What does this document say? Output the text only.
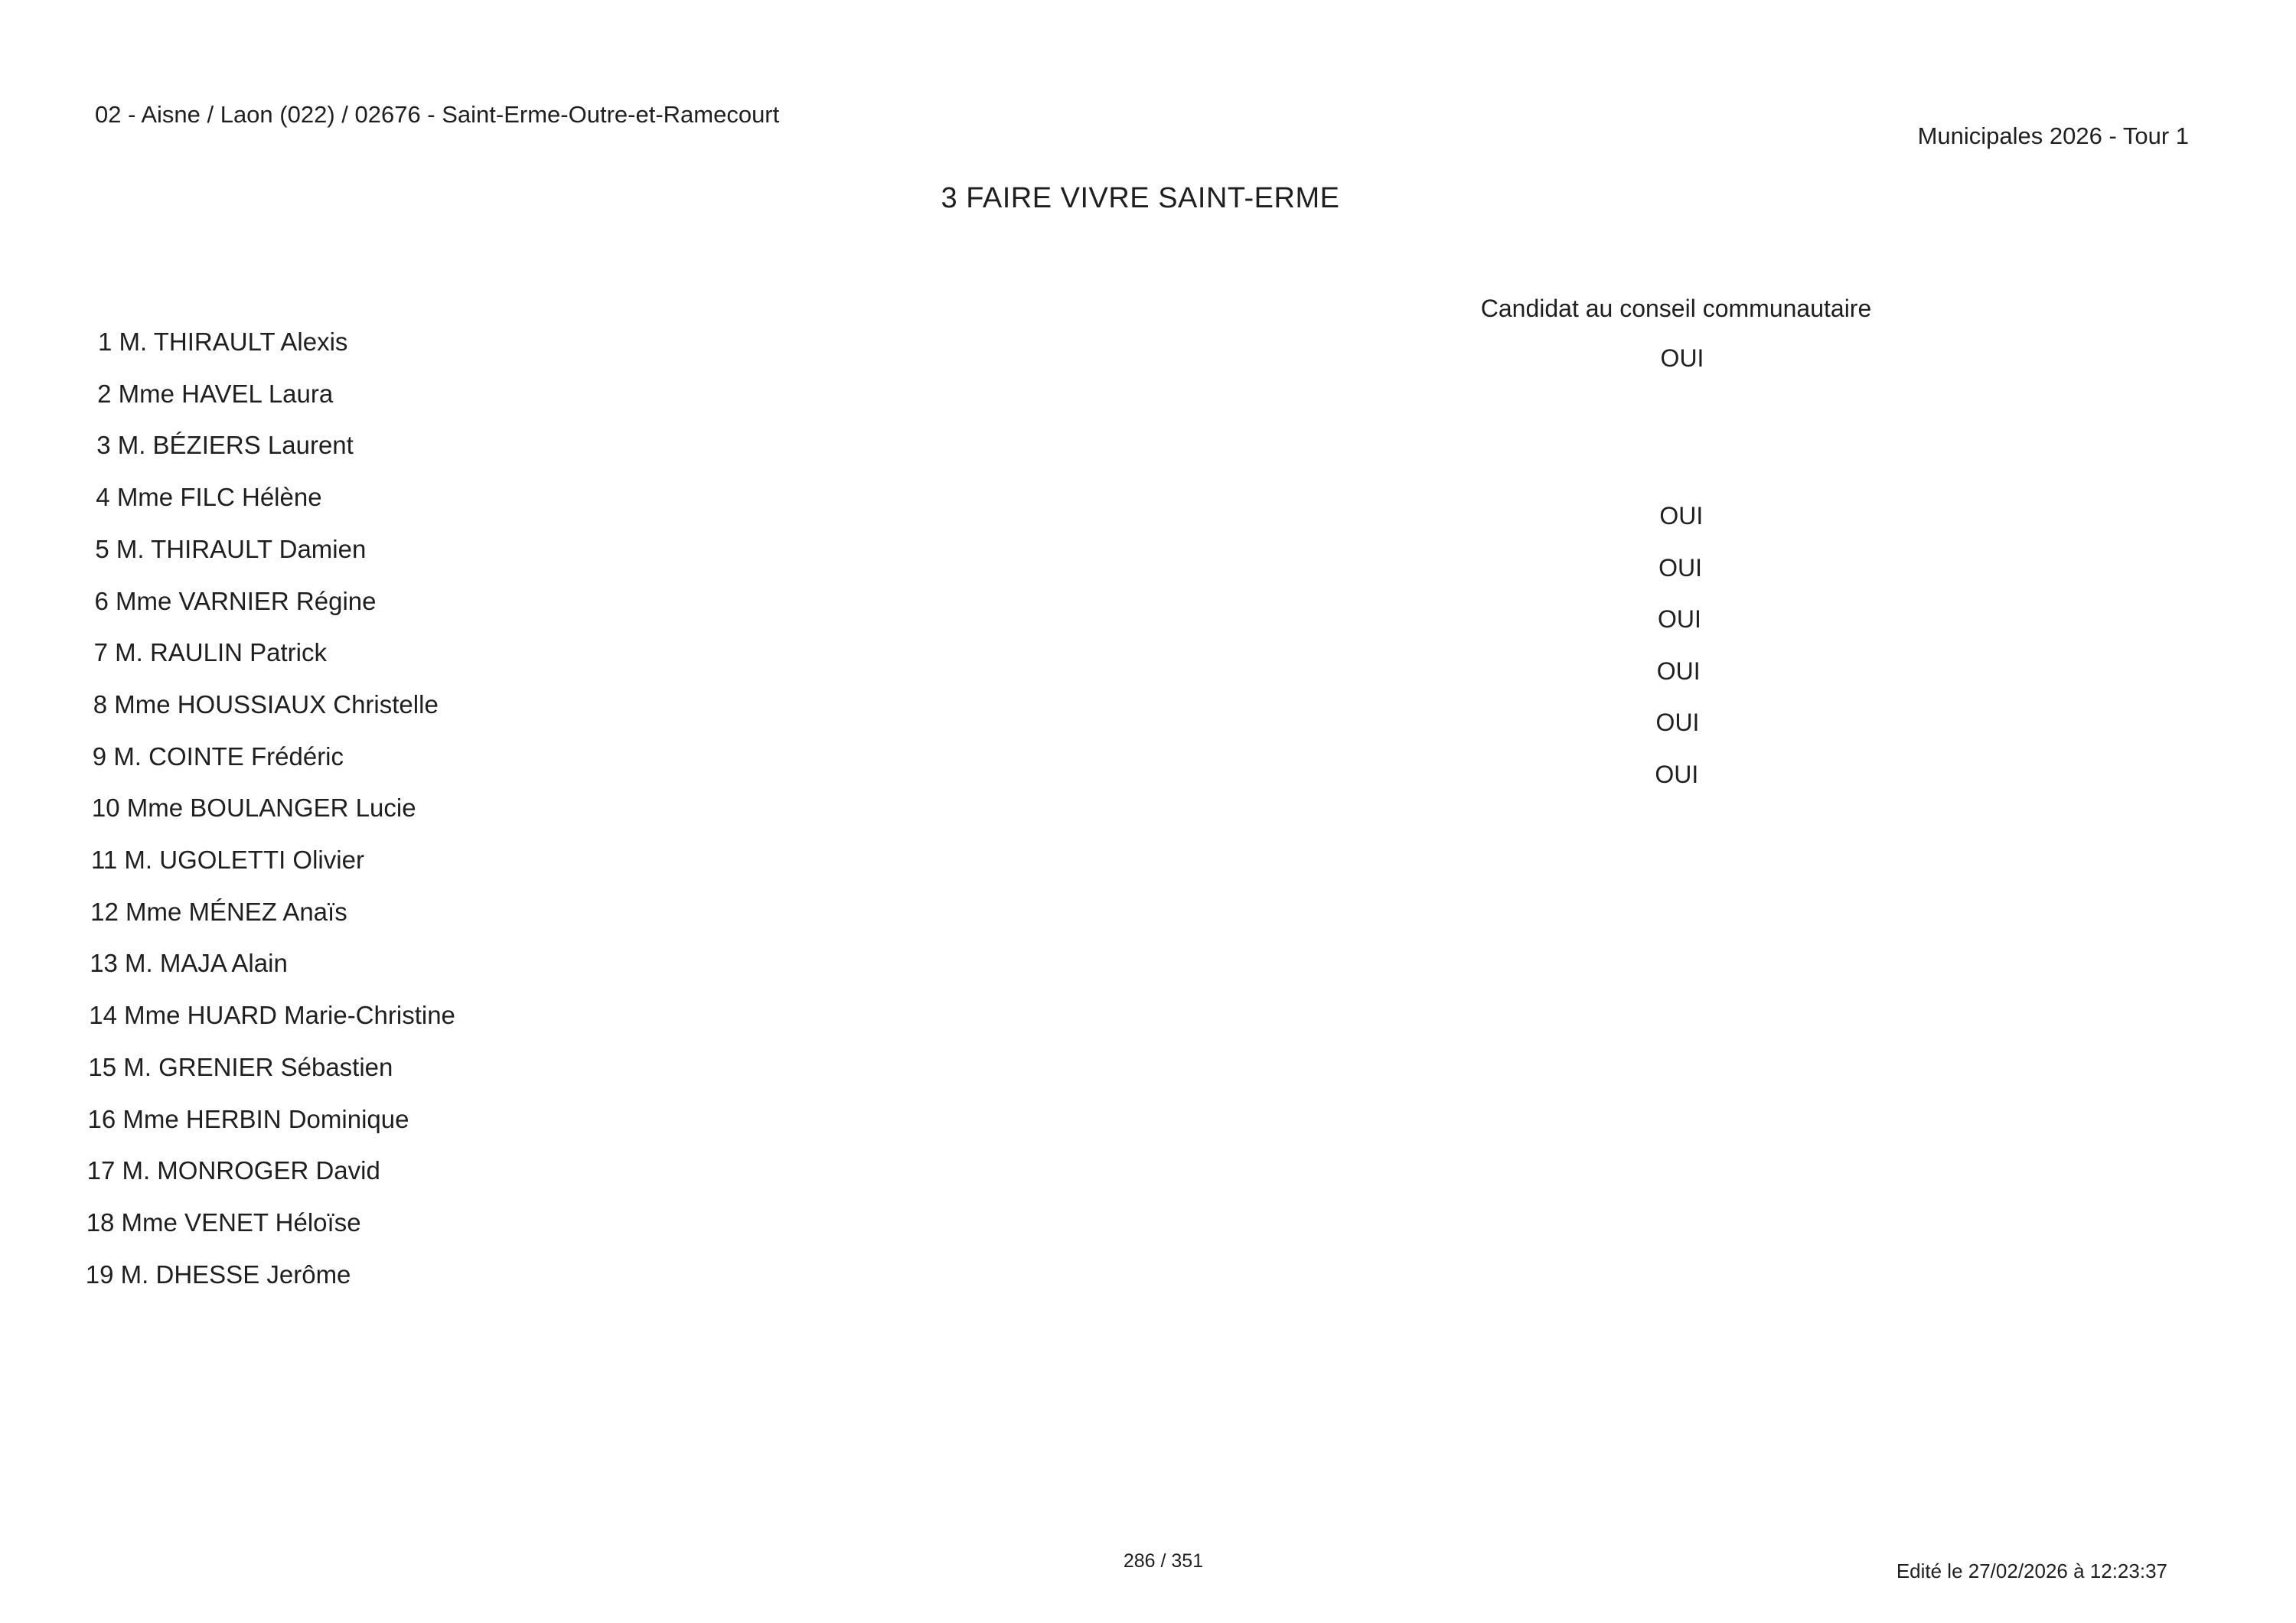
02 - Aisne / Laon (022) / 02676 - Saint-Erme-Outre-et-Ramecourt
Municipales 2026 - Tour 1
3 FAIRE VIVRE SAINT-ERME
Candidat au conseil communautaire
1 M. THIRAULT Alexis
2 Mme HAVEL Laura
3 M. BÉZIERS Laurent
4 Mme FILC Hélène
5 M. THIRAULT Damien
6 Mme VARNIER Régine
7 M. RAULIN Patrick
8 Mme HOUSSIAUX Christelle
9 M. COINTE Frédéric
10 Mme BOULANGER Lucie
11 M. UGOLETTI Olivier
12 Mme MÉNEZ Anaïs
13 M. MAJA Alain
14 Mme HUARD Marie-Christine
15 M. GRENIER Sébastien
16 Mme HERBIN Dominique
17 M. MONROGER David
18 Mme VENET Héloïse
19 M. DHESSE Jerôme
OUI
OUI
OUI
OUI
OUI
OUI
OUI
286 / 351	Edité le 27/02/2026 à 12:23:37
